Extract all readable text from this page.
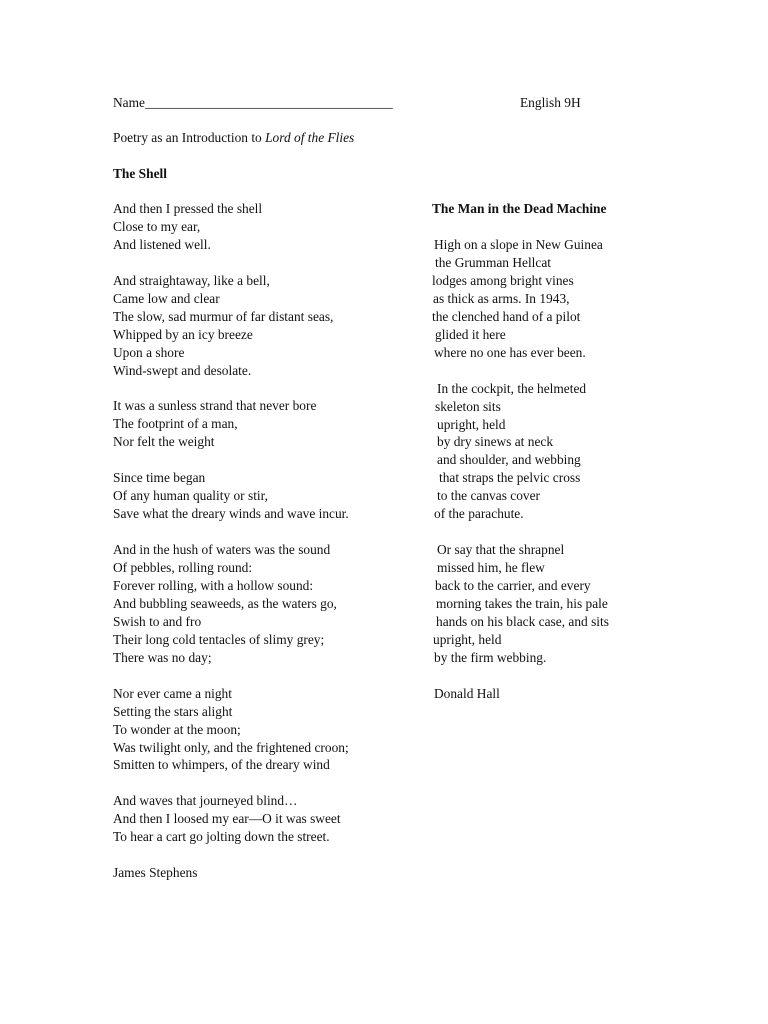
Name_____________________________________	English 9H
Poetry as an Introduction to Lord of the Flies
The Shell
And then I pressed the shell
Close to my ear,
And listened well.
And straightaway, like a bell,
Came low and clear
The slow, sad murmur of far distant seas,
Whipped by an icy breeze
Upon a shore
Wind-swept and desolate.
It was a sunless strand that never bore
The footprint of a man,
Nor felt the weight
Since time began
Of any human quality or stir,
Save what the dreary winds and wave incur.
And in the hush of waters was the sound
Of pebbles, rolling round:
Forever rolling, with a hollow sound:
And bubbling seaweeds, as the waters go,
Swish to and fro
Their long cold tentacles of slimy grey;
There was no day;
Nor ever came a night
Setting the stars alight
To wonder at the moon;
Was twilight only, and the frightened croon;
Smitten to whimpers, of the dreary wind
And waves that journeyed blind…
And then I loosed my ear—O it was sweet
To hear a cart go jolting down the street.
James Stephens
The Man in the Dead Machine
High on a slope in New Guinea
the Grumman Hellcat
lodges among bright vines
as thick as arms. In 1943,
the clenched hand of a pilot
glided it here
where no one has ever been.
In the cockpit, the helmeted
skeleton sits
upright, held
by dry sinews at neck
and shoulder, and webbing
that straps the pelvic cross
to the canvas cover
of the parachute.
Or say that the shrapnel
missed him, he flew
back to the carrier, and every
morning takes the train, his pale
hands on his black case, and sits
upright, held
by the firm webbing.
Donald Hall
